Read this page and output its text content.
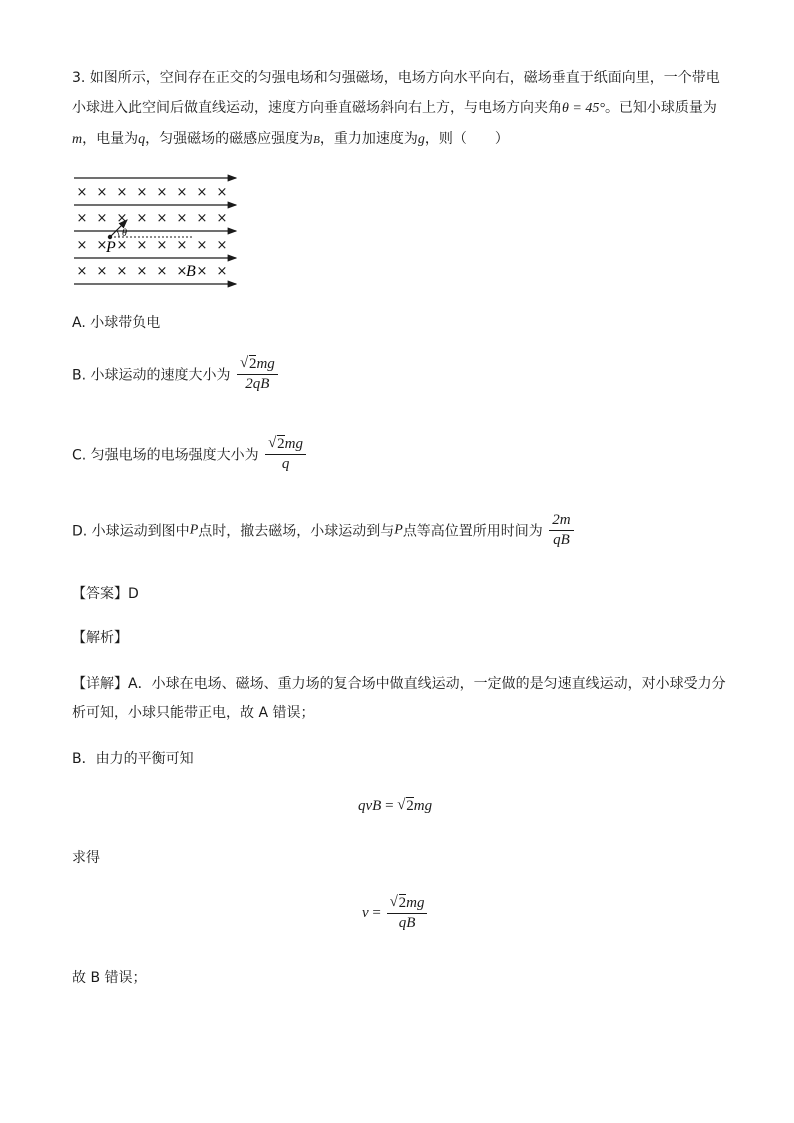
3. 如图所示，空间存在正交的匀强电场和匀强磁场，电场方向水平向右，磁场垂直于纸面向里，一个带电
小球进入此空间后做直线运动，速度方向垂直磁场斜向右上方，与电场方向夹角θ = 45°。已知小球质量为
m，电量为q，匀强磁场的磁感应强度为B，重力加速度为g，则（　　）
× × × × × × × ×
× × × × × × × ×
× × × × × × × ×
× × × × × × × ×
θ
P
B
A. 小球带负电
B. 小球运动的速度大小为 $\frac{√ 2mg}{2qB}$
C. 匀强电场的电场强度大小为 $\frac{√ 2mg}{q}$
D. 小球运动到图中P点时，撤去磁场，小球运动到与P点等高位置所用时间为 $\frac{2m}{qB}$
【答案】D
【解析】
【详解】A．小球在电场、磁场、重力场的复合场中做直线运动，一定做的是匀速直线运动，对小球受力分
析可知，小球只能带正电，故 A 错误；
B．由力的平衡可知
qvB = √ 2mg
求得
$v = \frac{√ 2mg}{qB}$
故 B 错误；
